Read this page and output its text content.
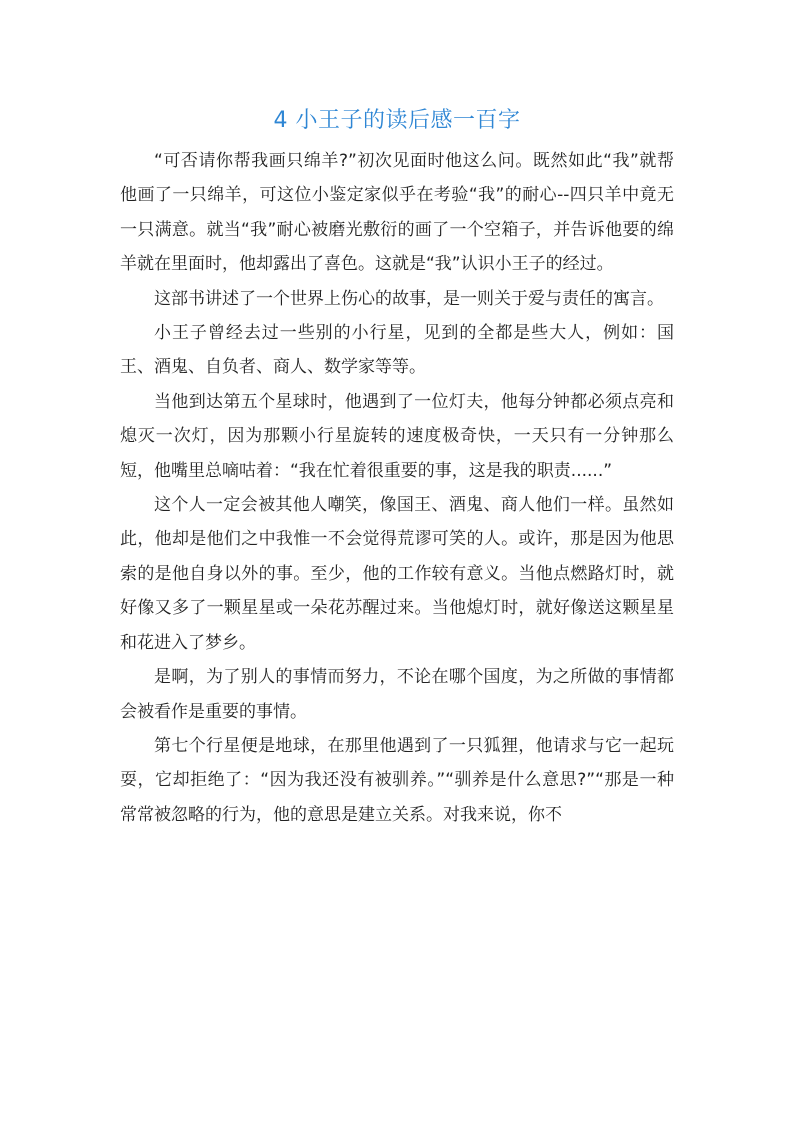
4 小王子的读后感一百字

“可否请你帮我画只绵羊?”初次见面时他这么问。既然如此“我”就帮他画了一只绵羊，可这位小鉴定家似乎在考验“我”的耐心--四只羊中竟无一只满意。就当“我”耐心被磨光敷衍的画了一个空箱子，并告诉他要的绵羊就在里面时，他却露出了喜色。这就是“我”认识小王子的经过。

这部书讲述了一个世界上伤心的故事，是一则关于爱与责任的寓言。

小王子曾经去过一些别的小行星，见到的全都是些大人，例如：国王、酒鬼、自负者、商人、数学家等等。

当他到达第五个星球时，他遇到了一位灯夫，他每分钟都必须点亮和熄灭一次灯，因为那颗小行星旋转的速度极奇快，一天只有一分钟那么短，他嘴里总嘀咕着：“我在忙着很重要的事，这是我的职责......”

这个人一定会被其他人嘲笑，像国王、酒鬼、商人他们一样。虽然如此，他却是他们之中我惟一不会觉得荒谬可笑的人。或许，那是因为他思索的是他自身以外的事。至少，他的工作较有意义。当他点燃路灯时，就好像又多了一颗星星或一朵花苏醒过来。当他熄灯时，就好像送这颗星星和花进入了梦乡。

是啊，为了别人的事情而努力，不论在哪个国度，为之所做的事情都会被看作是重要的事情。

第七个行星便是地球，在那里他遇到了一只狐狸，他请求与它一起玩耍，它却拒绝了：“因为我还没有被驯养。”“驯养是什么意思?”“那是一种常常被忽略的行为，他的意思是建立关系。对我来说，你不
